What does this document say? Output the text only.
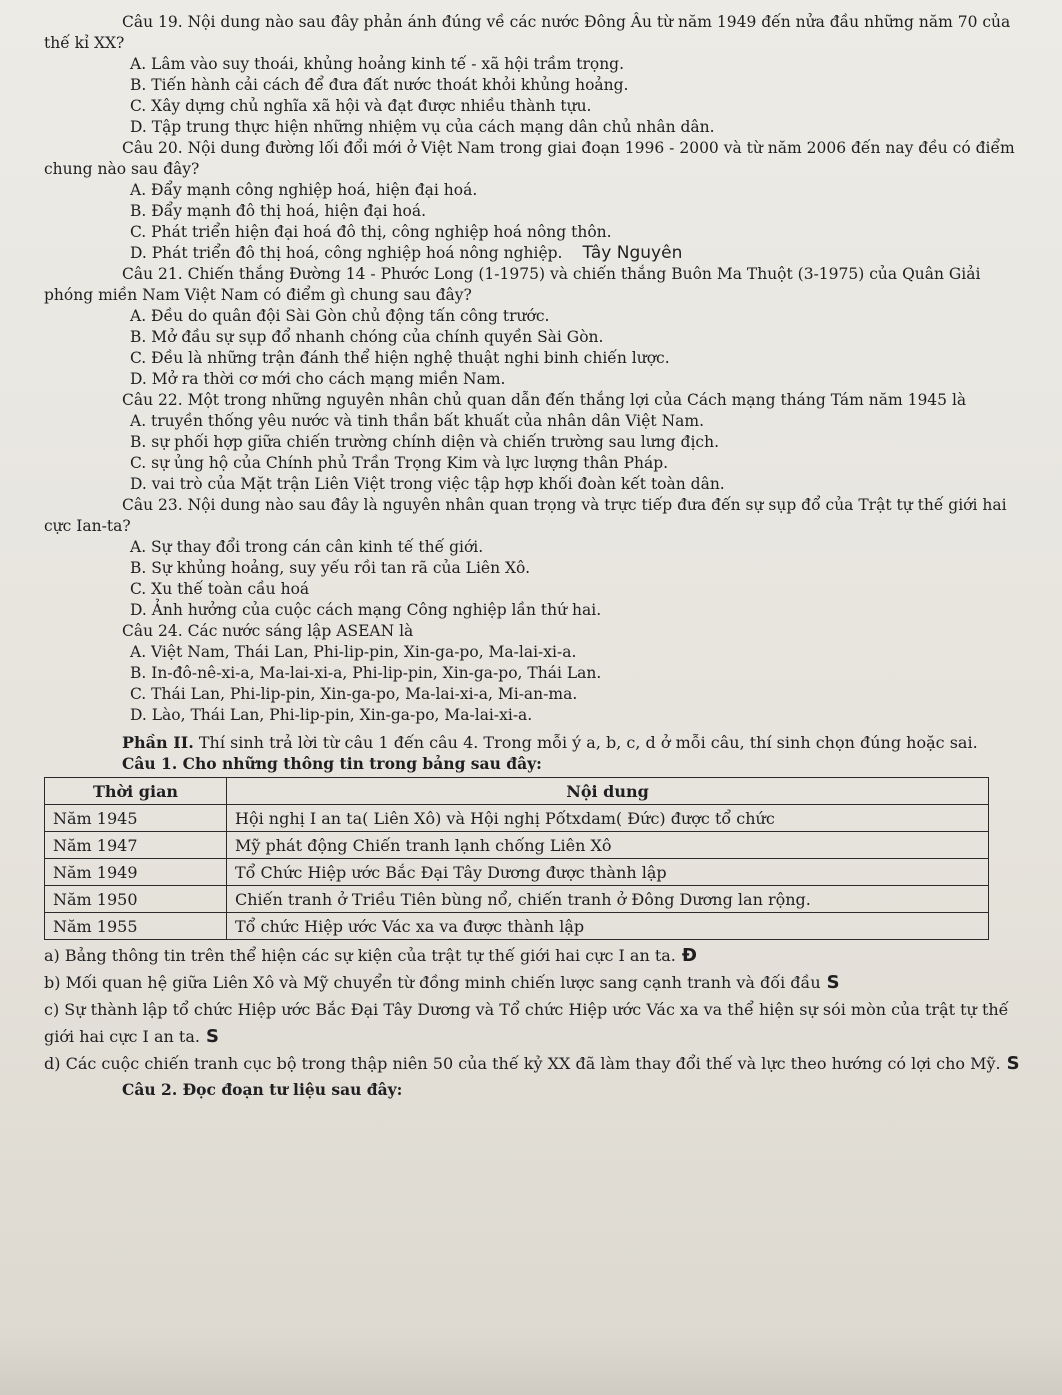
Câu 19. Nội dung nào sau đây phản ánh đúng về các nước Đông Âu từ năm 1949 đến nửa đầu những năm 70 của thế kỉ XX?

A. Lâm vào suy thoái, khủng hoảng kinh tế - xã hội trầm trọng.

B. Tiến hành cải cách để đưa đất nước thoát khỏi khủng hoảng.

C. Xây dựng chủ nghĩa xã hội và đạt được nhiều thành tựu.

D. Tập trung thực hiện những nhiệm vụ của cách mạng dân chủ nhân dân.

Câu 20. Nội dung đường lối đổi mới ở Việt Nam trong giai đoạn 1996 - 2000 và từ năm 2006 đến nay đều có điểm chung nào sau đây?

A. Đẩy mạnh công nghiệp hoá, hiện đại hoá.

B. Đẩy mạnh đô thị hoá, hiện đại hoá.

C. Phát triển hiện đại hoá đô thị, công nghiệp hoá nông thôn.

D. Phát triển đô thị hoá, công nghiệp hoá nông nghiệp. Tây Nguyên

Câu 21. Chiến thắng Đường 14 - Phước Long (1-1975) và chiến thắng Buôn Ma Thuột (3-1975) của Quân Giải phóng miền Nam Việt Nam có điểm gì chung sau đây?

A. Đều do quân đội Sài Gòn chủ động tấn công trước.

B. Mở đầu sự sụp đổ nhanh chóng của chính quyền Sài Gòn.

C. Đều là những trận đánh thể hiện nghệ thuật nghi binh chiến lược.

D. Mở ra thời cơ mới cho cách mạng miền Nam.

Câu 22. Một trong những nguyên nhân chủ quan dẫn đến thắng lợi của Cách mạng tháng Tám năm 1945 là

A. truyền thống yêu nước và tinh thần bất khuất của nhân dân Việt Nam.

B. sự phối hợp giữa chiến trường chính diện và chiến trường sau lưng địch.

C. sự ủng hộ của Chính phủ Trần Trọng Kim và lực lượng thân Pháp.

D. vai trò của Mặt trận Liên Việt trong việc tập hợp khối đoàn kết toàn dân.

Câu 23. Nội dung nào sau đây là nguyên nhân quan trọng và trực tiếp đưa đến sự sụp đổ của Trật tự thế giới hai cực Ian-ta?

A. Sự thay đổi trong cán cân kinh tế thế giới.

B. Sự khủng hoảng, suy yếu rồi tan rã của Liên Xô.

C. Xu thế toàn cầu hoá

D. Ảnh hưởng của cuộc cách mạng Công nghiệp lần thứ hai.

Câu 24. Các nước sáng lập ASEAN là

A. Việt Nam, Thái Lan, Phi-lip-pin, Xin-ga-po, Ma-lai-xi-a.

B. In-đô-nê-xi-a, Ma-lai-xi-a, Phi-lip-pin, Xin-ga-po, Thái Lan.

C. Thái Lan, Phi-lip-pin, Xin-ga-po, Ma-lai-xi-a, Mi-an-ma.

D. Lào, Thái Lan, Phi-lip-pin, Xin-ga-po, Ma-lai-xi-a.

Phần II. Thí sinh trả lời từ câu 1 đến câu 4. Trong mỗi ý a, b, c, d ở mỗi câu, thí sinh chọn đúng hoặc sai.

Câu 1. Cho những thông tin trong bảng sau đây:

Thời gian	Nội dung
Năm 1945	Hội nghị I an ta( Liên Xô) và Hội nghị Pốtxdam( Đức) được tổ chức
Năm 1947	Mỹ phát động Chiến tranh lạnh chống Liên Xô
Năm 1949	Tổ Chức Hiệp ước Bắc Đại Tây Dương được thành lập
Năm 1950	Chiến tranh ở Triều Tiên bùng nổ, chiến tranh ở Đông Dương lan rộng.
Năm 1955	Tổ chức Hiệp ước Vác xa va được thành lập

a) Bảng thông tin trên thể hiện các sự kiện của trật tự thế giới hai cực I an ta. Đ

b) Mối quan hệ giữa Liên Xô và Mỹ chuyển từ đồng minh chiến lược sang cạnh tranh và đối đầu S

c) Sự thành lập tổ chức Hiệp ước Bắc Đại Tây Dương và Tổ chức Hiệp ước Vác xa va thể hiện sự sói mòn của trật tự thế giới hai cực I an ta. S

d) Các cuộc chiến tranh cục bộ trong thập niên 50 của thế kỷ XX đã làm thay đổi thế và lực theo hướng có lợi cho Mỹ. S

Câu 2. Đọc đoạn tư liệu sau đây:
